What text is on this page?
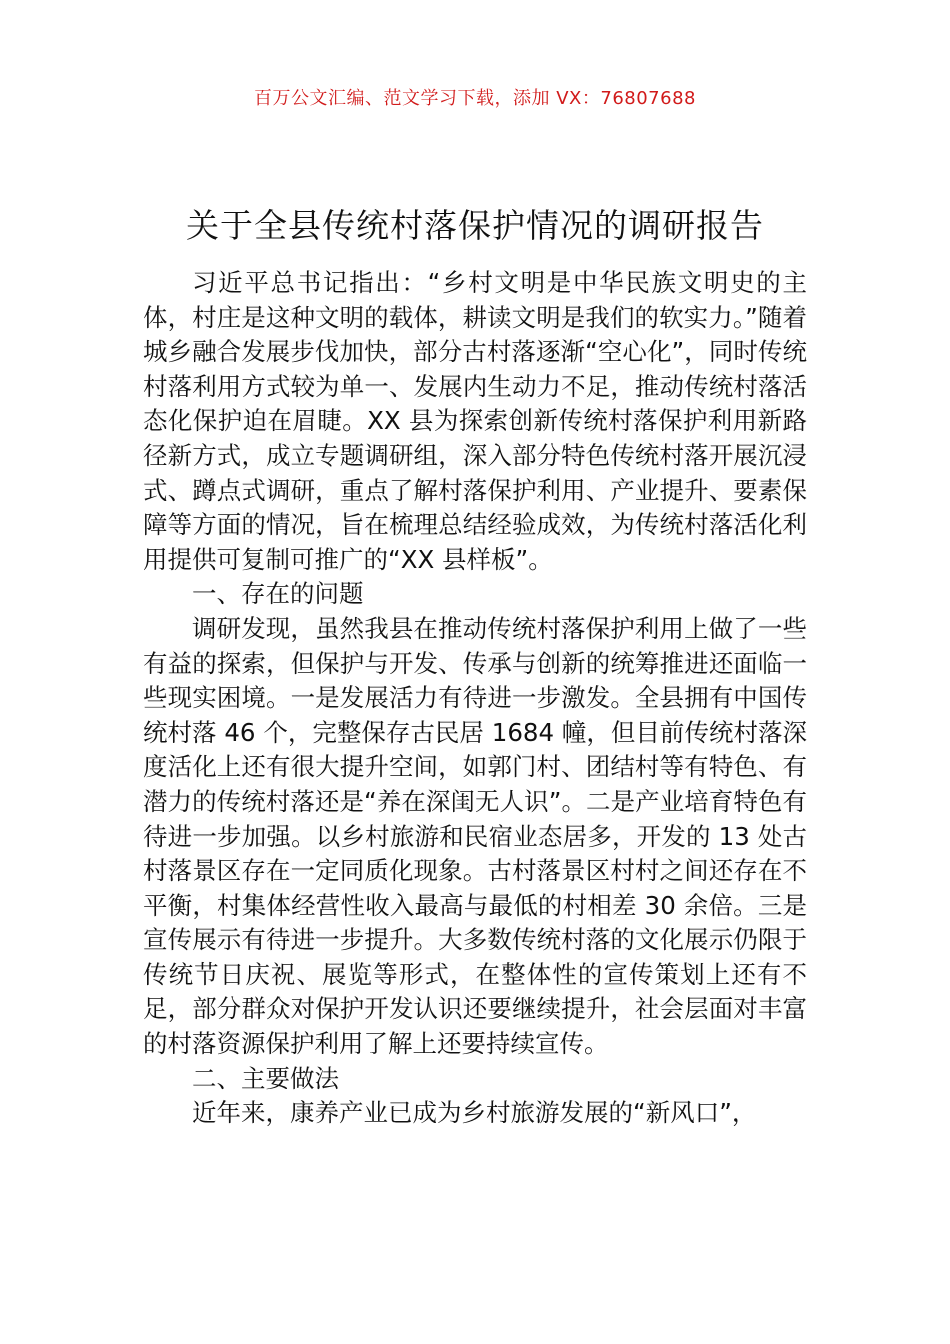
百万公文汇编、范文学习下载，添加 VX：76807688
关于全县传统村落保护情况的调研报告

习近平总书记指出：“乡村文明是中华民族文明史的主体，村庄是这种文明的载体，耕读文明是我们的软实力。”随着城乡融合发展步伐加快，部分古村落逐渐“空心化”，同时传统村落利用方式较为单一、发展内生动力不足，推动传统村落活态化保护迫在眉睫。XX 县为探索创新传统村落保护利用新路径新方式，成立专题调研组，深入部分特色传统村落开展沉浸式、蹲点式调研，重点了解村落保护利用、产业提升、要素保障等方面的情况，旨在梳理总结经验成效，为传统村落活化利用提供可复制可推广的“XX 县样板”。

一、存在的问题

调研发现，虽然我县在推动传统村落保护利用上做了一些有益的探索，但保护与开发、传承与创新的统筹推进还面临一些现实困境。一是发展活力有待进一步激发。全县拥有中国传统村落 46 个，完整保存古民居 1684 幢，但目前传统村落深度活化上还有很大提升空间，如郭门村、团结村等有特色、有潜力的传统村落还是“养在深闺无人识”。二是产业培育特色有待进一步加强。以乡村旅游和民宿业态居多，开发的 13 处古村落景区存在一定同质化现象。古村落景区村村之间还存在不平衡，村集体经营性收入最高与最低的村相差 30 余倍。三是宣传展示有待进一步提升。大多数传统村落的文化展示仍限于传统节日庆祝、展览等形式，在整体性的宣传策划上还有不足，部分群众对保护开发认识还要继续提升，社会层面对丰富的村落资源保护利用了解上还要持续宣传。

二、主要做法

近年来，康养产业已成为乡村旅游发展的“新风口”，
